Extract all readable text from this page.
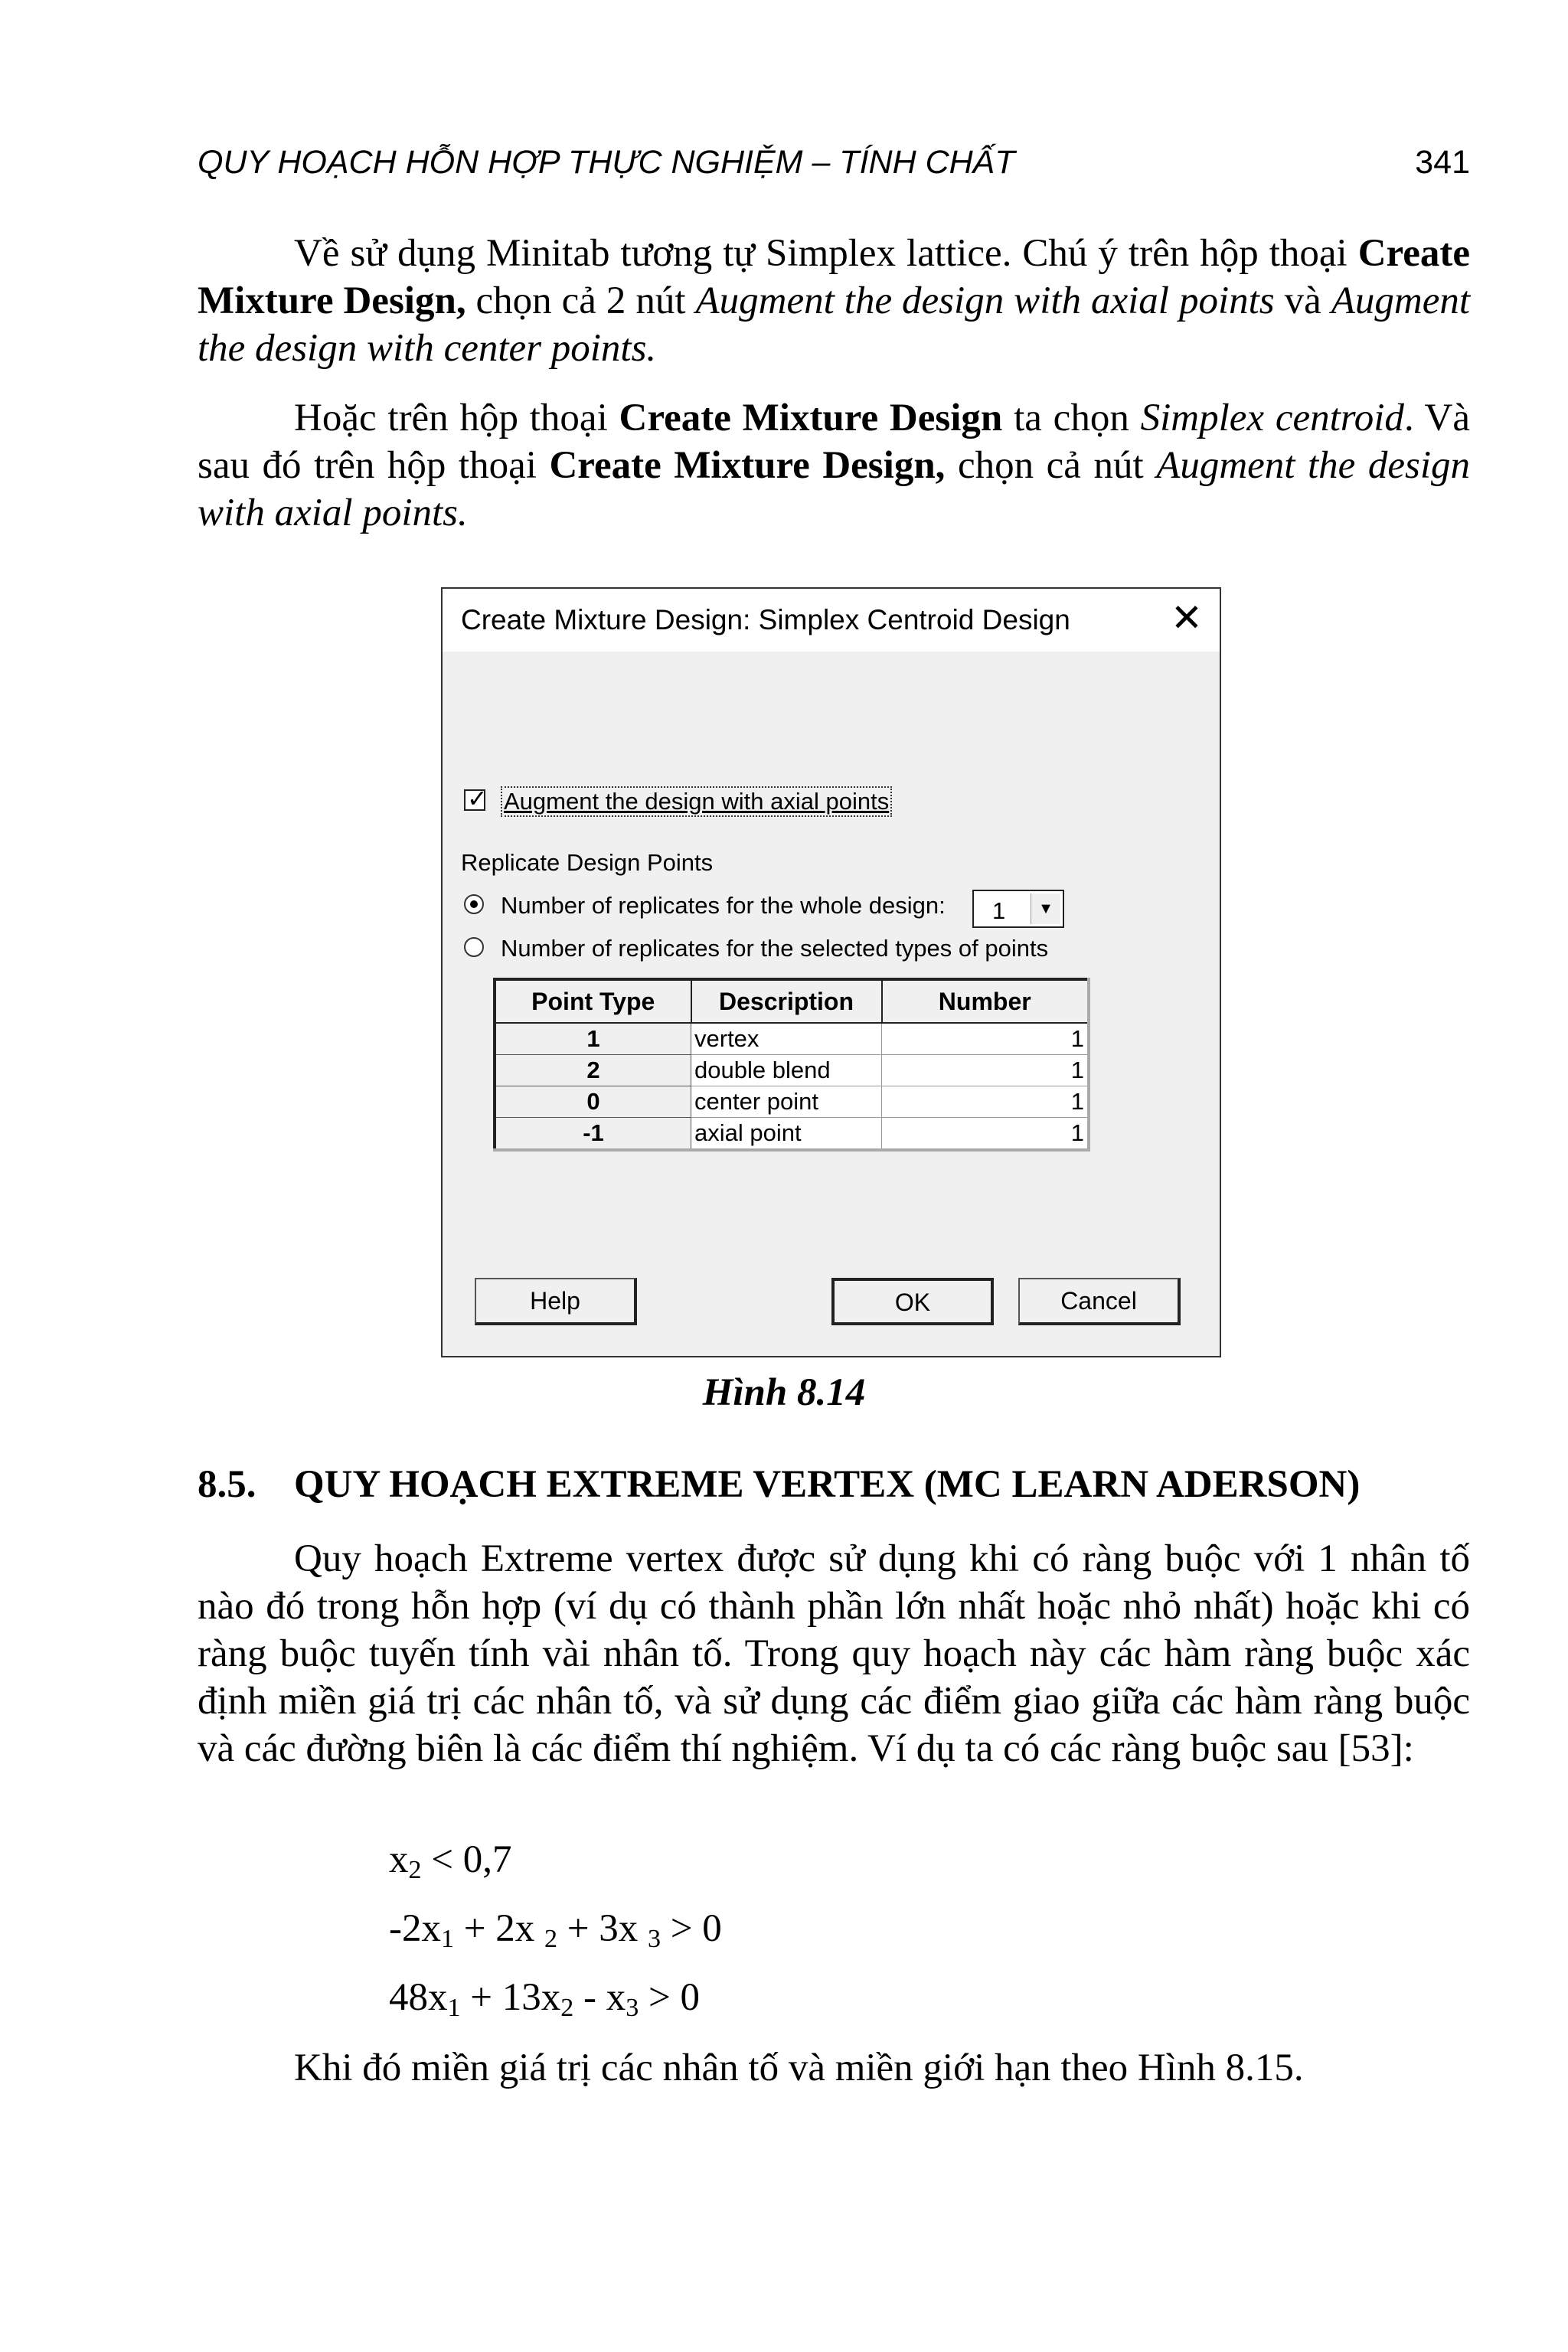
QUY HOẠCH HỖN HỢP THỰC NGHIỆM – TÍNH CHẤT	341

Về sử dụng Minitab tương tự Simplex lattice. Chú ý trên hộp thoại Create Mixture Design, chọn cả 2 nút Augment the design with axial points và Augment the design with center points.

Hoặc trên hộp thoại Create Mixture Design ta chọn Simplex centroid. Và sau đó trên hộp thoại Create Mixture Design, chọn cả nút Augment the design with axial points.

Create Mixture Design: Simplex Centroid Design	✕
✓ Augment the design with axial points
Replicate Design Points
Number of replicates for the whole design: 1	▼
Number of replicates for the selected types of points
Point Type	Description	Number
1	vertex	1
2	double blend	1
0	center point	1
-1	axial point	1
Help	OK	Cancel
Hình 8.14
8.5. QUY HOẠCH EXTREME VERTEX (MC LEARN ADERSON)

Quy hoạch Extreme vertex được sử dụng khi có ràng buộc với 1 nhân tố nào đó trong hỗn hợp (ví dụ có thành phần lớn nhất hoặc nhỏ nhất) hoặc khi có ràng buộc tuyến tính vài nhân tố. Trong quy hoạch này các hàm ràng buộc xác định miền giá trị các nhân tố, và sử dụng các điểm giao giữa các hàm ràng buộc và các đường biên là các điểm thí nghiệm. Ví dụ ta có các ràng buộc sau [53]:

$x_2 < 0,7$
$-2x_1 + 2x$ $_2$ + 3x $_3$ > 0
$48x_1 + 13x_2 - x_3 > 0$

Khi đó miền giá trị các nhân tố và miền giới hạn theo Hình 8.15.
